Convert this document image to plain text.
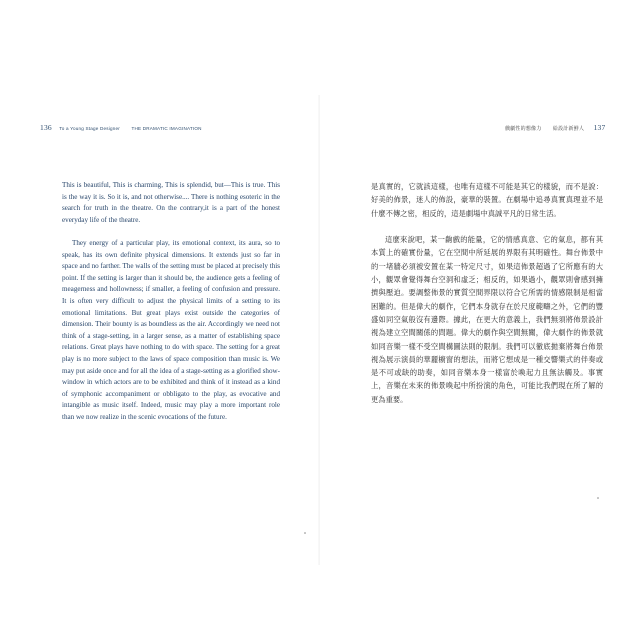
136 To a Young Stage Designer THE DRAMATIC IMAGINATION

This is beautiful, This is charming, This is splendid, but—This is true. This is the way it is. So it is, and not otherwise.... There is nothing esoteric in the search for truth in the theatre. On the contrary,it is a part of the honest everyday life of the theatre.

They energy of a particular play, its emotional context, its aura, so to speak, has its own definite physical dimensions. It extends just so far in space and no farther. The walls of the setting must be placed at precisely this point. If the setting is larger than it should be, the audience gets a feeling of meagerness and hollowness; if smaller, a feeling of confusion and pressure. It is often very difficult to adjust the physical limits of a setting to its emotional limitations. But great plays exist outside the categories of dimension. Their bounty is as boundless as the air. Accordingly we need not think of a stage-setting, in a larger sense, as a matter of establishing space relations. Great plays have nothing to do with space. The setting for a great play is no more subject to the laws of space composition than music is. We may put aside once and for all the idea of a stage-setting as a glorified show-window in which actors are to be exhibited and think of it instead as a kind of symphonic accompaniment or obbligato to the play, as evocative and intangible as music itself. Indeed, music may play a more important role than we now realize in the scenic evocations of the future.

戲劇性的想像力 給設計新鮮人 137

是真實的，它就該這樣，也唯有這樣不可能是其它的樣貌，而不是說：好美的佈景，迷人的佈設，豪華的裝置。在劇場中追尋真實真理並不是什麼不傳之密，相反的，這是劇場中真誠平凡的日常生活。

這麼來說吧，某一齣戲的能量，它的情感真意、它的氣息，都有其本質上的確實份量，它在空間中所延展的界限有其明確性。舞台佈景中的一堵牆必須被安置在某一特定尺寸，如果這佈景超過了它所應有的大小，觀眾會覺得舞台空洞和虛乏；相反的，如果過小，觀眾則會感到擁擠與壓迫。要調整佈景的實質空間界限以符合它所需的情感限制是相當困難的。但是偉大的劇作，它們本身就存在於尺度範疇之外，它們的豐盛如同空氣般沒有邊際。據此，在更大的意義上，我們無須將佈景設計視為建立空間關係的問題。偉大的劇作與空間無關，偉大劇作的佈景就如同音樂一樣不受空間構圖法則的限制。我們可以徹底拋棄將舞台佈景視為展示演員的華麗櫥窗的想法，而將它想成是一種交響樂式的伴奏或是不可或缺的助奏，如同音樂本身一樣富於喚起力且無法觸及。事實上，音樂在未來的佈景喚起中所扮演的角色，可能比我們現在所了解的更為重要。
